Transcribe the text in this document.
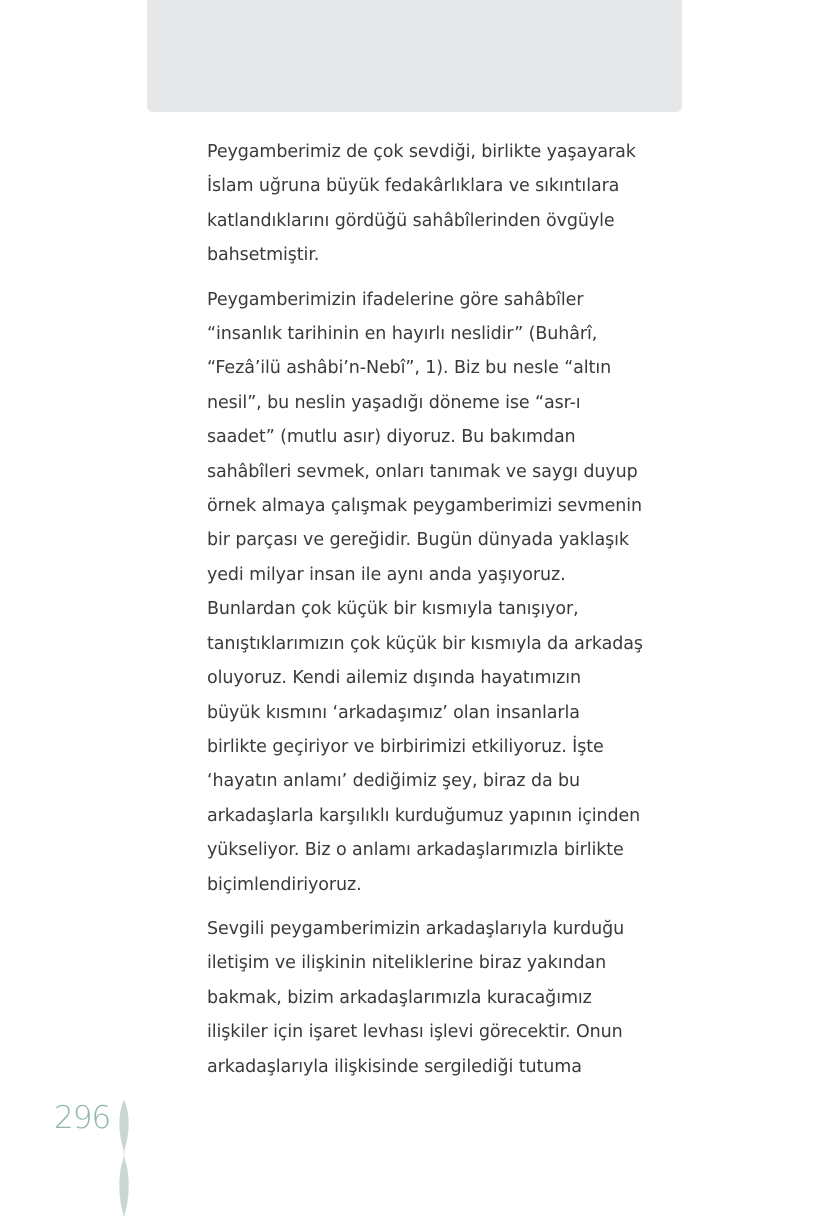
Peygamberimiz de çok sevdiği, birlikte yaşayarak
İslam uğruna büyük fedakârlıklara ve sıkıntılara
katlandıklarını gördüğü sahâbîlerinden övgüyle
bahsetmiştir.
Peygamberimizin ifadelerine göre sahâbîler
“insanlık tarihinin en hayırlı neslidir” (Buhârî,
“Fezâ’ilü ashâbi’n-Nebî”, 1). Biz bu nesle “altın
nesil”, bu neslin yaşadığı döneme ise “asr-ı
saadet” (mutlu asır) diyoruz. Bu bakımdan
sahâbîleri sevmek, onları tanımak ve saygı duyup
örnek almaya çalışmak peygamberimizi sevmenin
bir parçası ve gereğidir. Bugün dünyada yaklaşık
yedi milyar insan ile aynı anda yaşıyoruz.
Bunlardan çok küçük bir kısmıyla tanışıyor,
tanıştıklarımızın çok küçük bir kısmıyla da arkadaş
oluyoruz. Kendi ailemiz dışında hayatımızın
büyük kısmını ‘arkadaşımız’ olan insanlarla
birlikte geçiriyor ve birbirimizi etkiliyoruz. İşte
‘hayatın anlamı’ dediğimiz şey, biraz da bu
arkadaşlarla karşılıklı kurduğumuz yapının içinden
yükseliyor. Biz o anlamı arkadaşlarımızla birlikte
biçimlendiriyoruz.
Sevgili peygamberimizin arkadaşlarıyla kurduğu
iletişim ve ilişkinin niteliklerine biraz yakından
bakmak, bizim arkadaşlarımızla kuracağımız
ilişkiler için işaret levhası işlevi görecektir. Onun
arkadaşlarıyla ilişkisinde sergilediği tutuma
296
